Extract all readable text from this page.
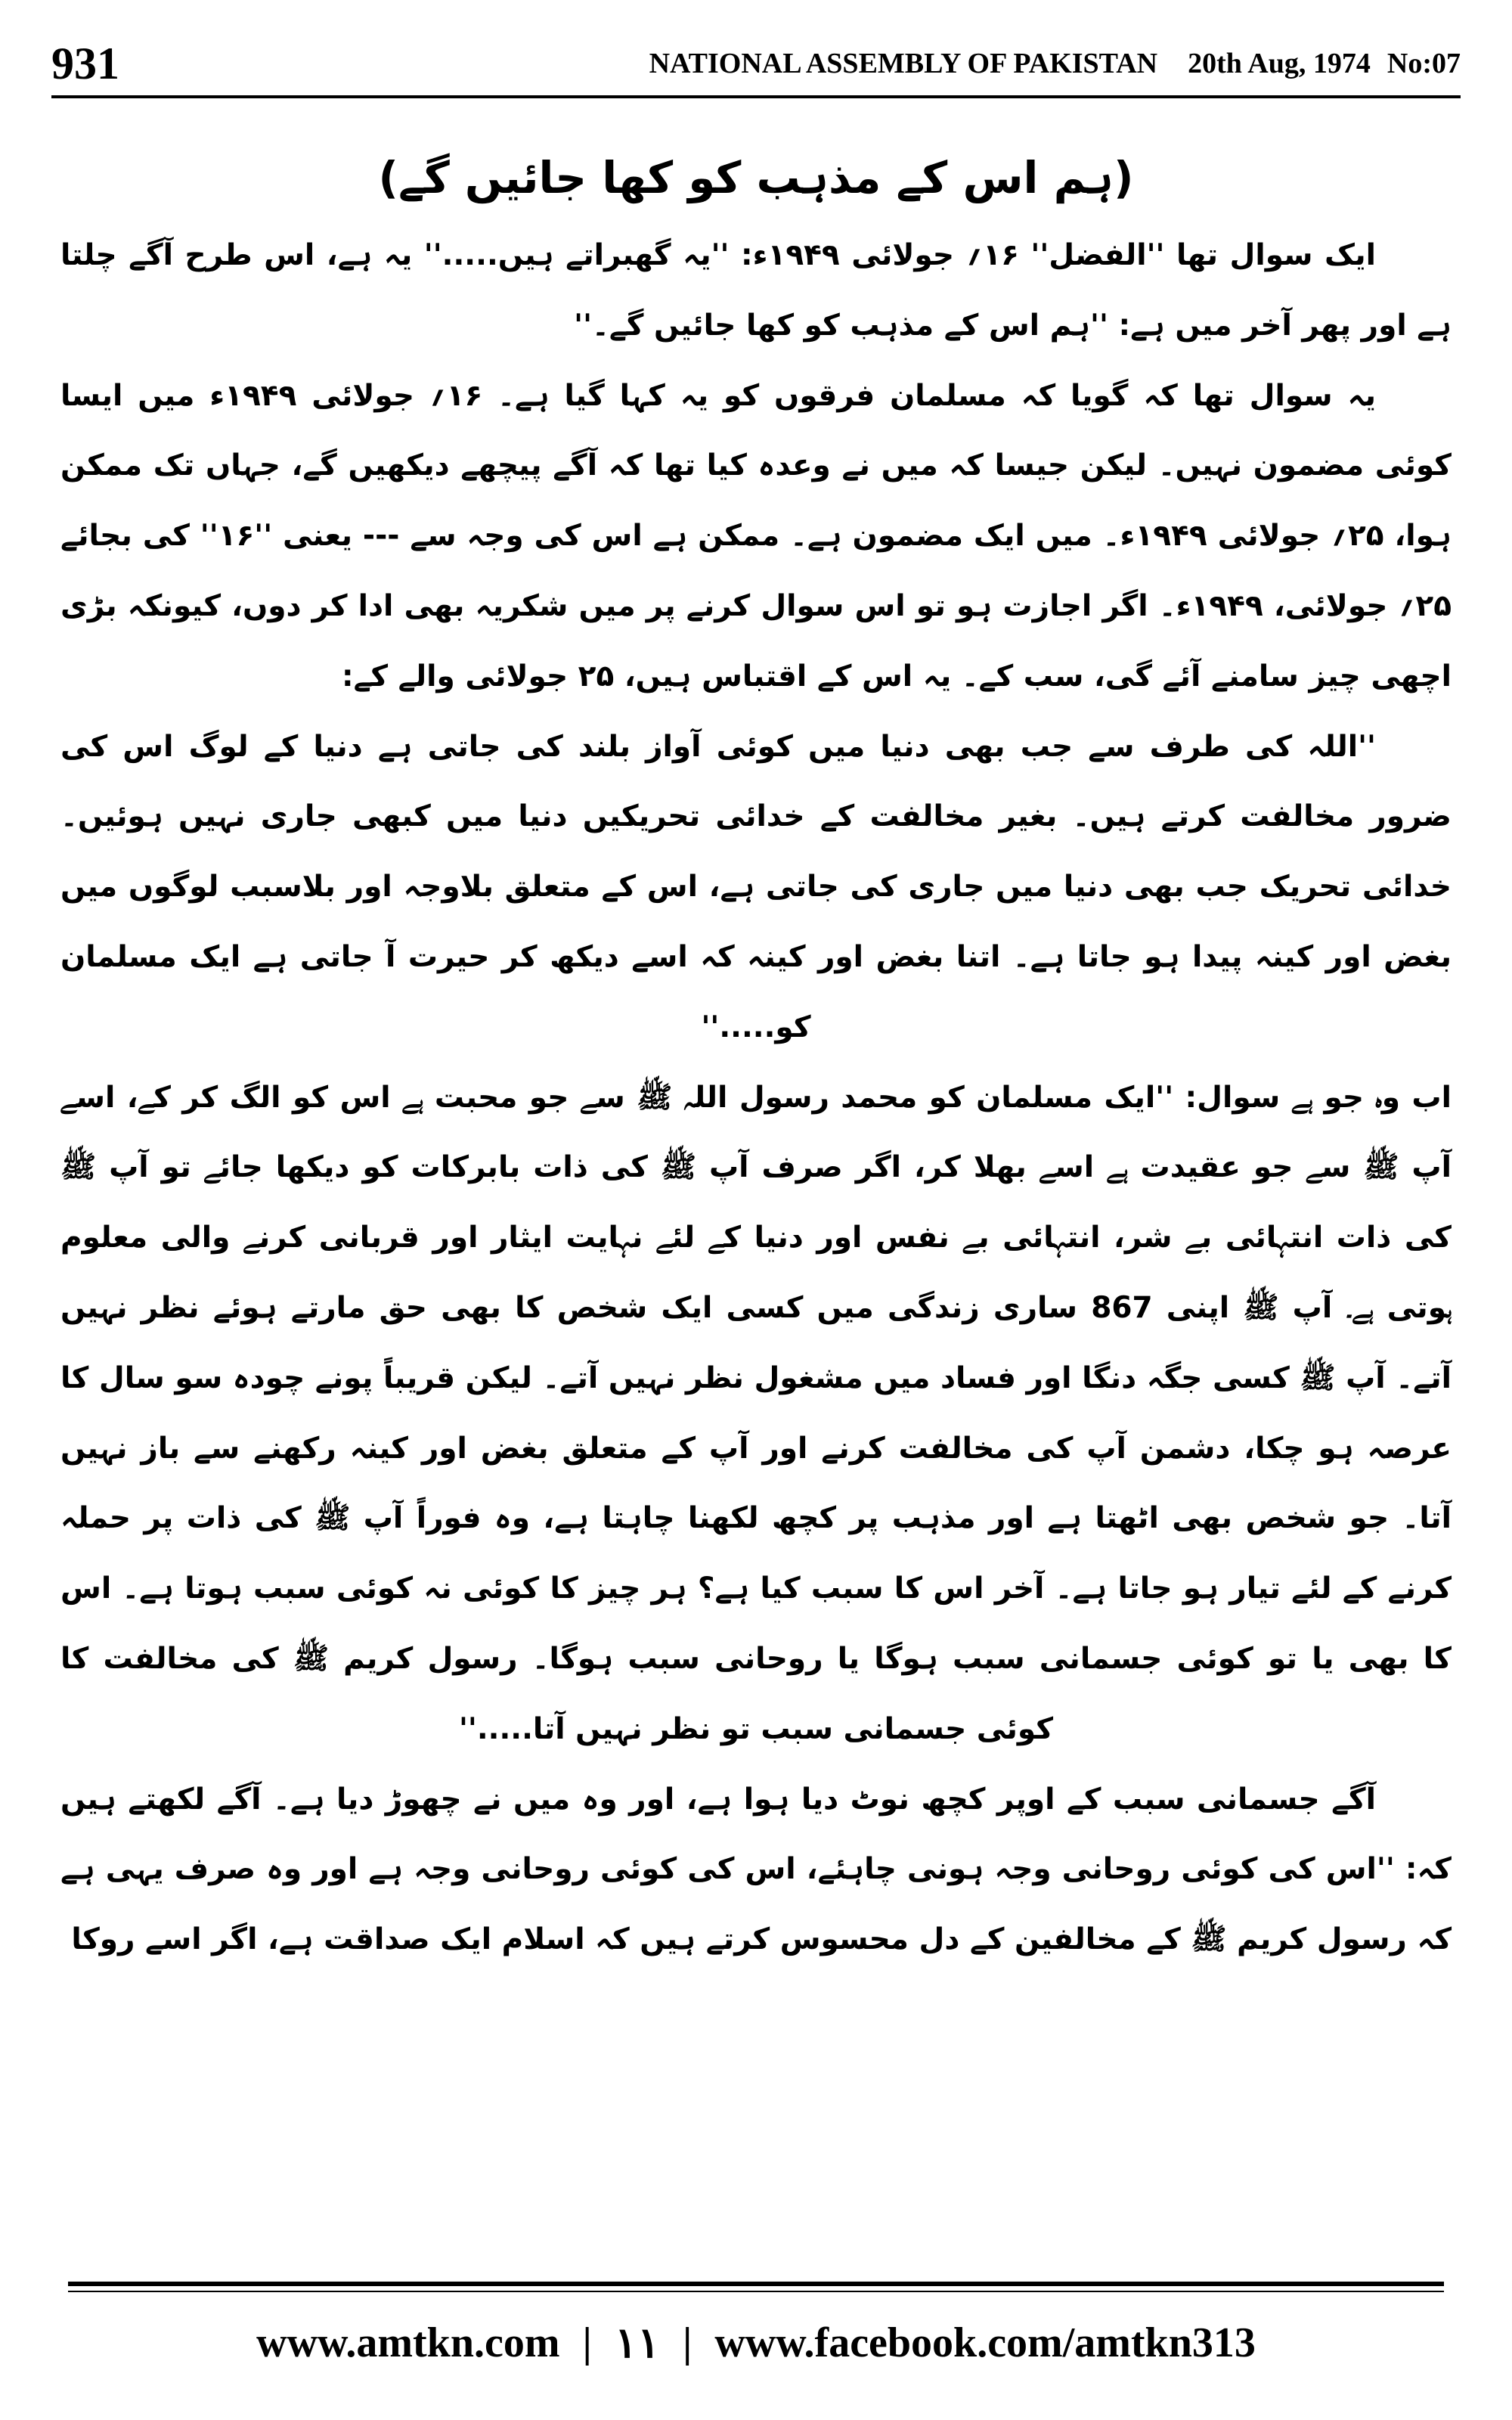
931	NATIONAL ASSEMBLY OF PAKISTAN 20th Aug, 1974 No:07

(ہم اس کے مذہب کو کھا جائیں گے)

ایک سوال تھا ''الفضل'' ۱۶؍ جولائی ۱۹۴۹ء: ''یہ گھبراتے ہیں.....'' یہ ہے، اس طرح آگے چلتا ہے اور پھر آخر میں ہے: ''ہم اس کے مذہب کو کھا جائیں گے۔''

یہ سوال تھا کہ گویا کہ مسلمان فرقوں کو یہ کہا گیا ہے۔ ۱۶؍ جولائی ۱۹۴۹ء میں ایسا کوئی مضمون نہیں۔ لیکن جیسا کہ میں نے وعدہ کیا تھا کہ آگے پیچھے دیکھیں گے، جہاں تک ممکن ہوا، ۲۵؍ جولائی ۱۹۴۹ء۔ میں ایک مضمون ہے۔ ممکن ہے اس کی وجہ سے --- یعنی ''۱۶'' کی بجائے ۲۵؍ جولائی، ۱۹۴۹ء۔ اگر اجازت ہو تو اس سوال کرنے پر میں شکریہ بھی ادا کر دوں، کیونکہ بڑی اچھی چیز سامنے آئے گی، سب کے۔ یہ اس کے اقتباس ہیں، ۲۵ جولائی والے کے:

''اللہ کی طرف سے جب بھی دنیا میں کوئی آواز بلند کی جاتی ہے دنیا کے لوگ اس کی ضرور مخالفت کرتے ہیں۔ بغیر مخالفت کے خدائی تحریکیں دنیا میں کبھی جاری نہیں ہوئیں۔ خدائی تحریک جب بھی دنیا میں جاری کی جاتی ہے، اس کے متعلق بلاوجہ اور بلاسبب لوگوں میں بغض اور کینہ پیدا ہو جاتا ہے۔ اتنا بغض اور کینہ کہ اسے دیکھ کر حیرت آ جاتی ہے ایک مسلمان کو.....''

اب وہ جو ہے سوال: ''ایک مسلمان کو محمد رسول اللہ ﷺ سے جو محبت ہے اس کو الگ کر کے، اسے آپ ﷺ سے جو عقیدت ہے اسے بھلا کر، اگر صرف آپ ﷺ کی ذات بابرکات کو دیکھا جائے تو آپ ﷺ کی ذات انتہائی بے شر، انتہائی بے نفس اور دنیا کے لئے نہایت ایثار اور قربانی کرنے والی معلوم ہوتی ہے۔ آپ ﷺ اپنی 867 ساری زندگی میں کسی ایک شخص کا بھی حق مارتے ہوئے نظر نہیں آتے۔ آپ ﷺ کسی جگہ دنگا اور فساد میں مشغول نظر نہیں آتے۔ لیکن قریباً پونے چودہ سو سال کا عرصہ ہو چکا، دشمن آپ کی مخالفت کرنے اور آپ کے متعلق بغض اور کینہ رکھنے سے باز نہیں آتا۔ جو شخص بھی اٹھتا ہے اور مذہب پر کچھ لکھنا چاہتا ہے، وہ فوراً آپ ﷺ کی ذات پر حملہ کرنے کے لئے تیار ہو جاتا ہے۔ آخر اس کا سبب کیا ہے؟ ہر چیز کا کوئی نہ کوئی سبب ہوتا ہے۔ اس کا بھی یا تو کوئی جسمانی سبب ہوگا یا روحانی سبب ہوگا۔ رسول کریم ﷺ کی مخالفت کا کوئی جسمانی سبب تو نظر نہیں آتا.....''

آگے جسمانی سبب کے اوپر کچھ نوٹ دیا ہوا ہے، اور وہ میں نے چھوڑ دیا ہے۔ آگے لکھتے ہیں کہ: ''اس کی کوئی روحانی وجہ ہونی چاہئے، اس کی کوئی روحانی وجہ ہے اور وہ صرف یہی ہے کہ رسول کریم ﷺ کے مخالفین کے دل محسوس کرتے ہیں کہ اسلام ایک صداقت ہے، اگر اسے روکا

www.amtkn.com | ۱۱ | www.facebook.com/amtkn313
